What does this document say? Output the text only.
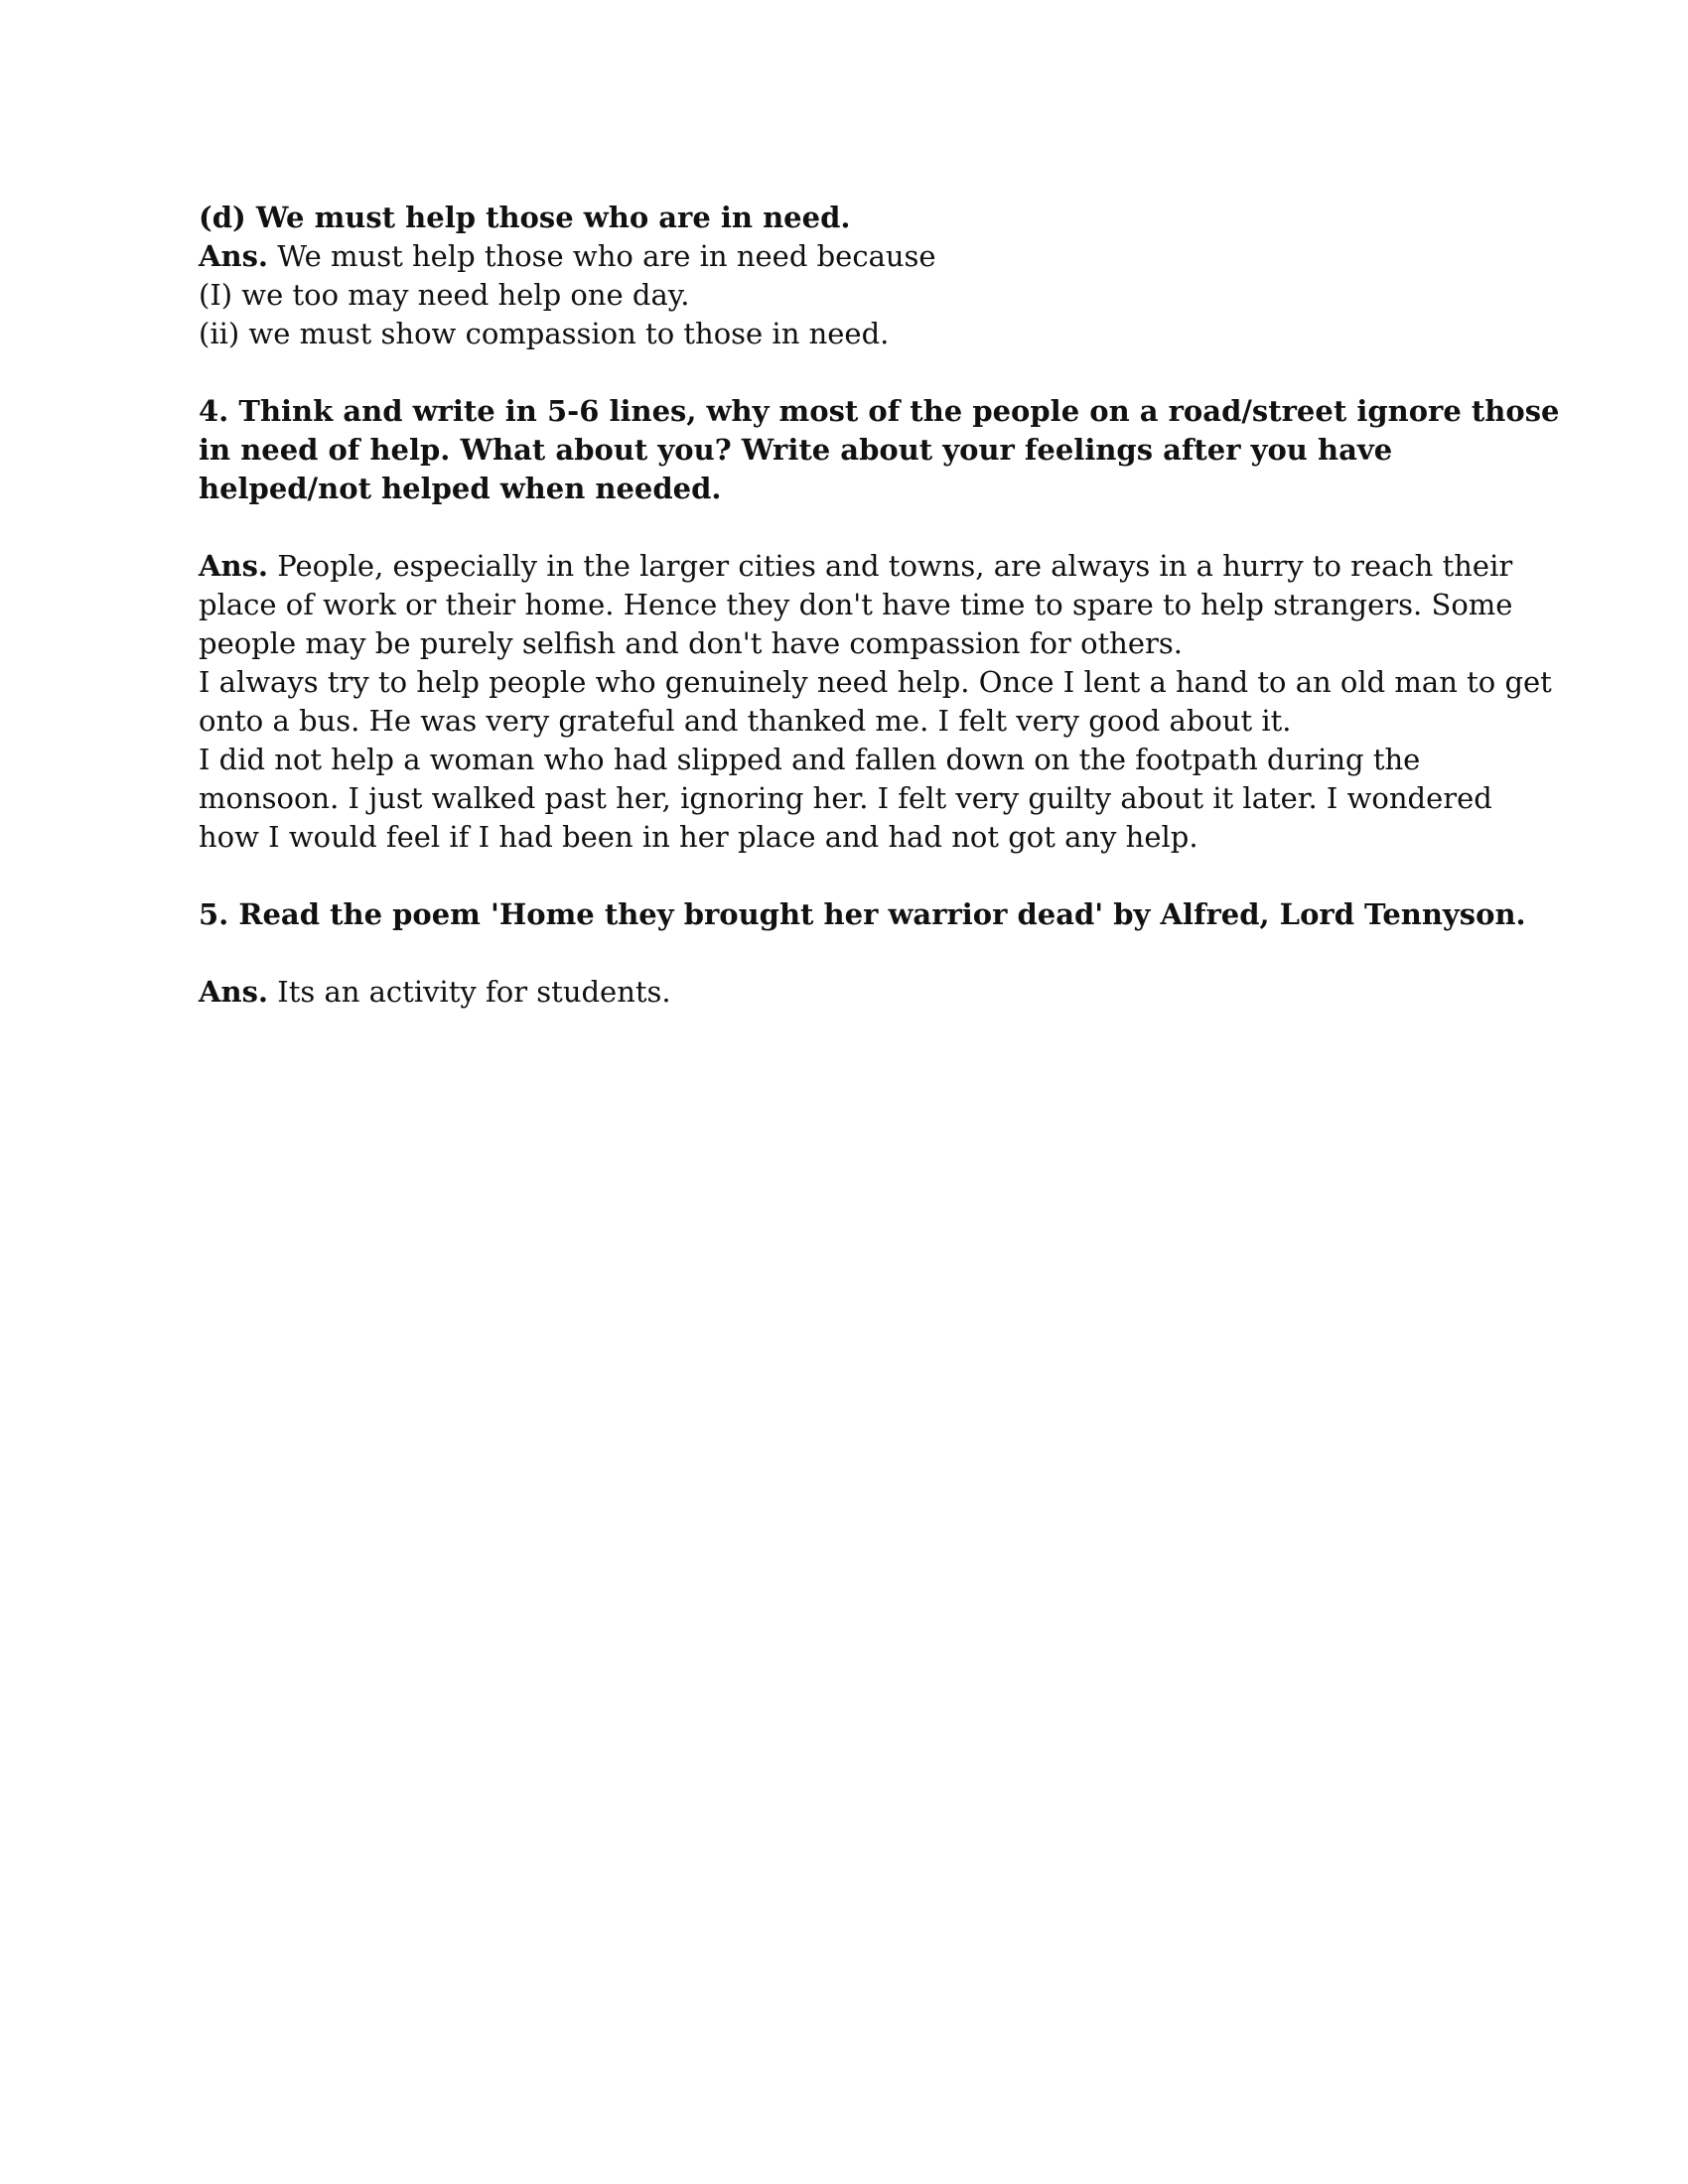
(d) We must help those who are in need.
Ans. We must help those who are in need because
(I) we too may need help one day.
(ii) we must show compassion to those in need.
4. Think and write in 5-6 lines, why most of the people on a road/street ignore those
in need of help. What about you? Write about your feelings after you have
helped/not helped when needed.
Ans. People, especially in the larger cities and towns, are always in a hurry to reach their
place of work or their home. Hence they don't have time to spare to help strangers. Some
people may be purely selfish and don't have compassion for others.
I always try to help people who genuinely need help. Once I lent a hand to an old man to get
onto a bus. He was very grateful and thanked me. I felt very good about it.
I did not help a woman who had slipped and fallen down on the footpath during the
monsoon. I just walked past her, ignoring her. I felt very guilty about it later. I wondered
how I would feel if I had been in her place and had not got any help.
5. Read the poem 'Home they brought her warrior dead' by Alfred, Lord Tennyson.
Ans. Its an activity for students.
